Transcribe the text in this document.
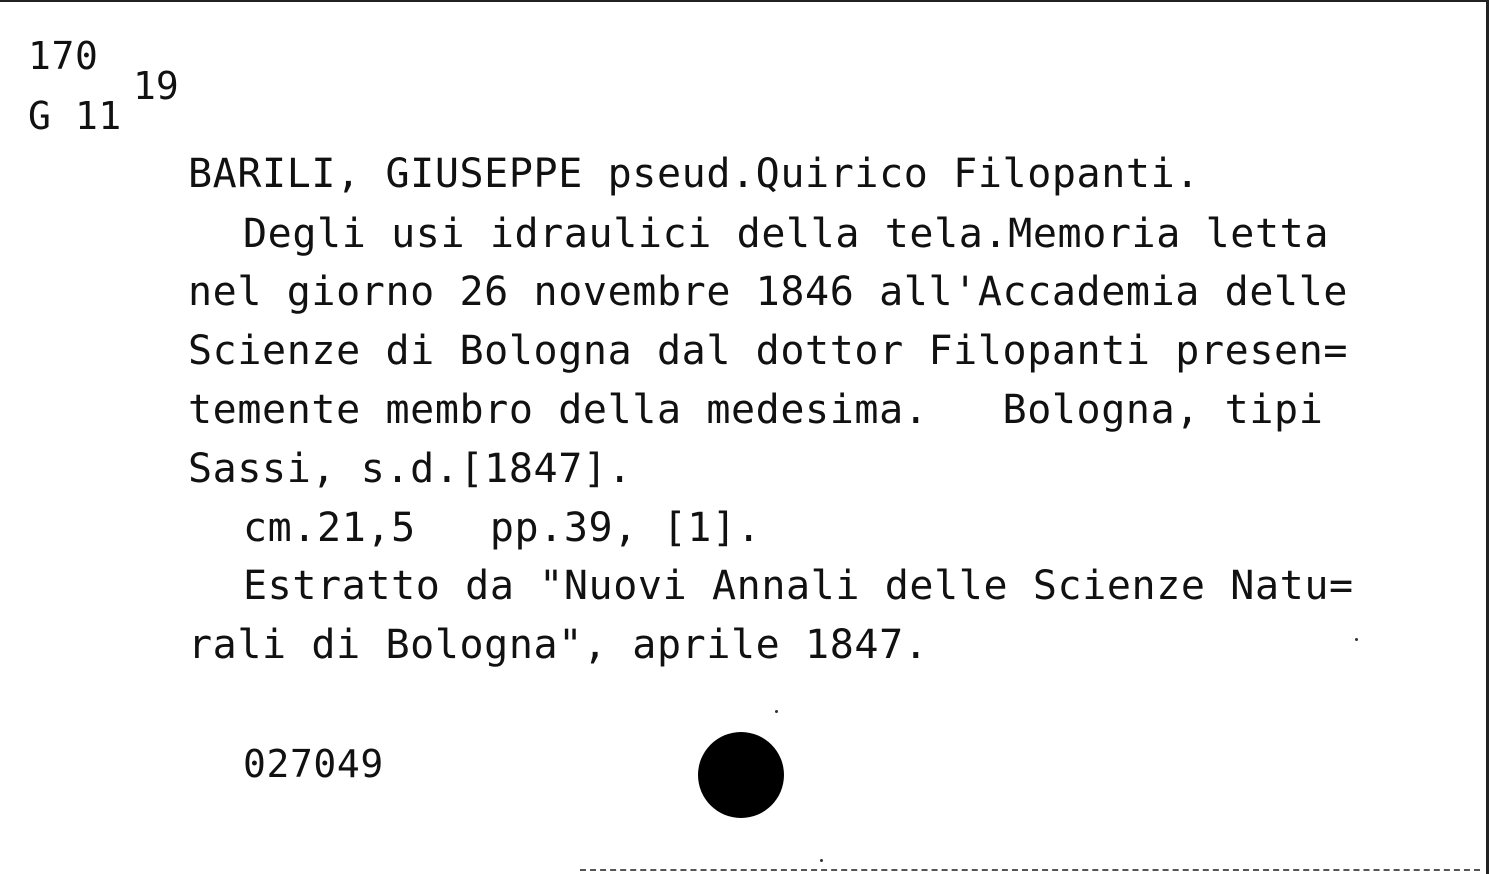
170
G 11
19
BARILI, GIUSEPPE pseud.Quirico Filopanti.
Degli usi idraulici della tela.Memoria letta
nel giorno 26 novembre 1846 all'Accademia delle
Scienze di Bologna dal dottor Filopanti presen=
temente membro della medesima.   Bologna, tipi
Sassi, s.d.[1847].
cm.21,5   pp.39, [1].
Estratto da "Nuovi Annali delle Scienze Natu=
rali di Bologna", aprile 1847.
027049
